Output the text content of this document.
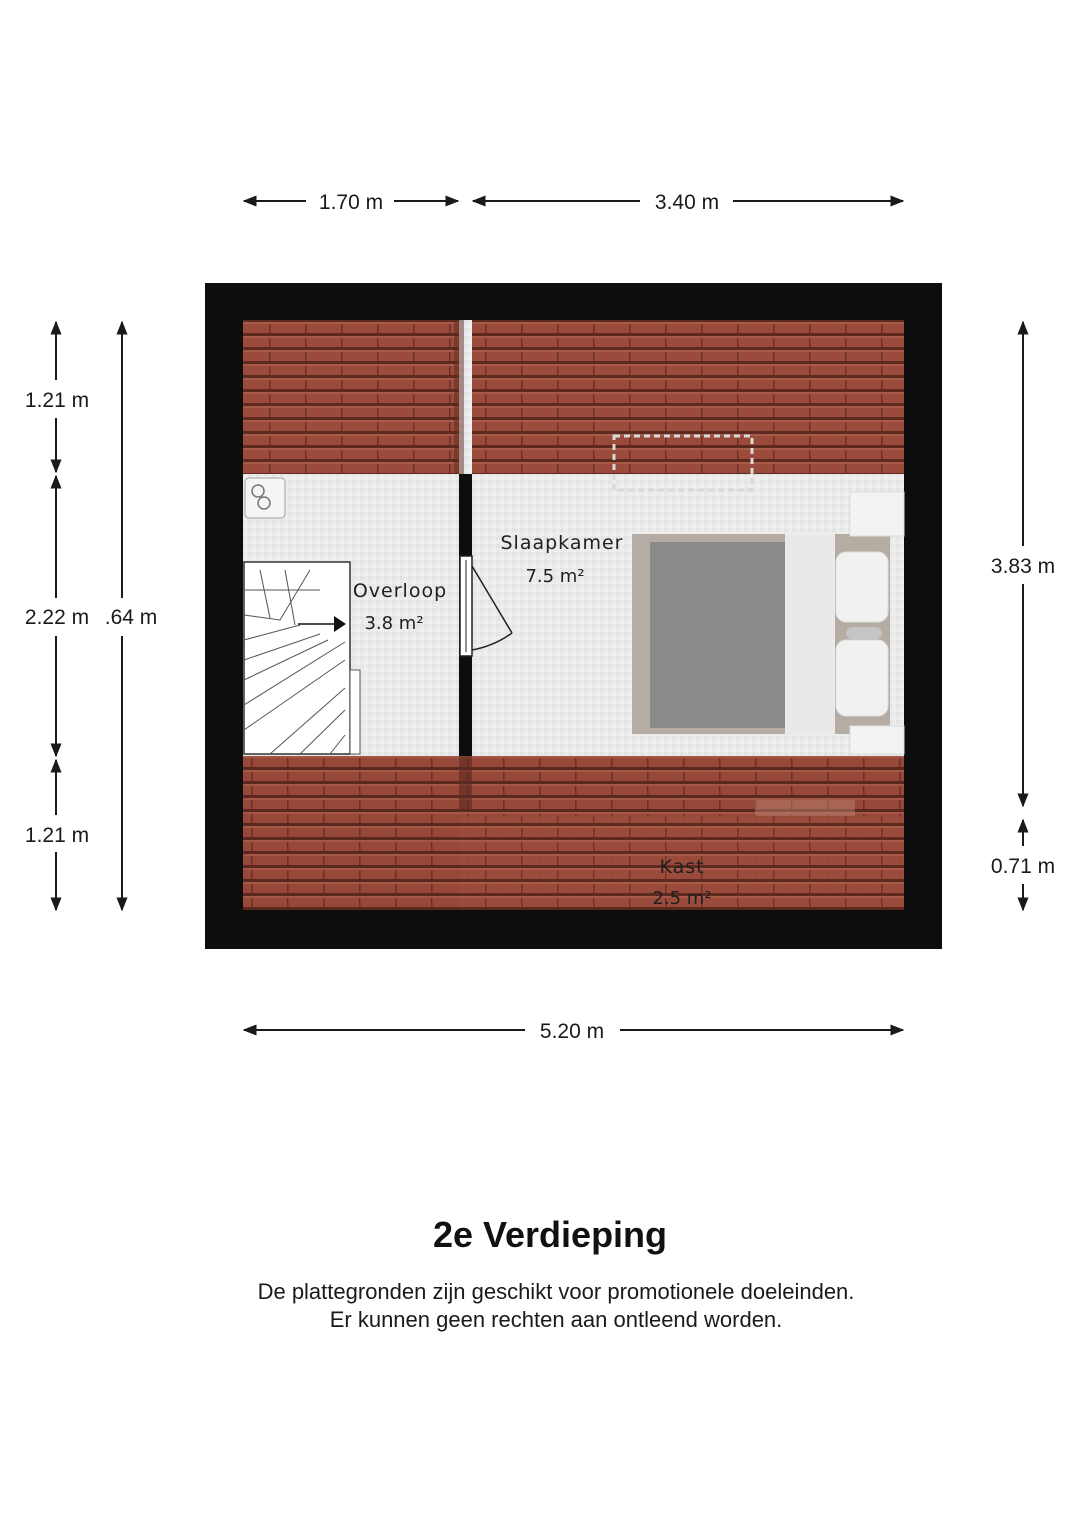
1.70 m	3.40 m
5.20 m
1.21 m
2.22 m .64 m
1.21 m
3.83 m
0.71 m
Slaapkamer
7.5 m²
Overloop
3.8 m²
Kast
2.5 m²
2e Verdieping
De plattegronden zijn geschikt voor promotionele doeleinden.
Er kunnen geen rechten aan ontleend worden.
